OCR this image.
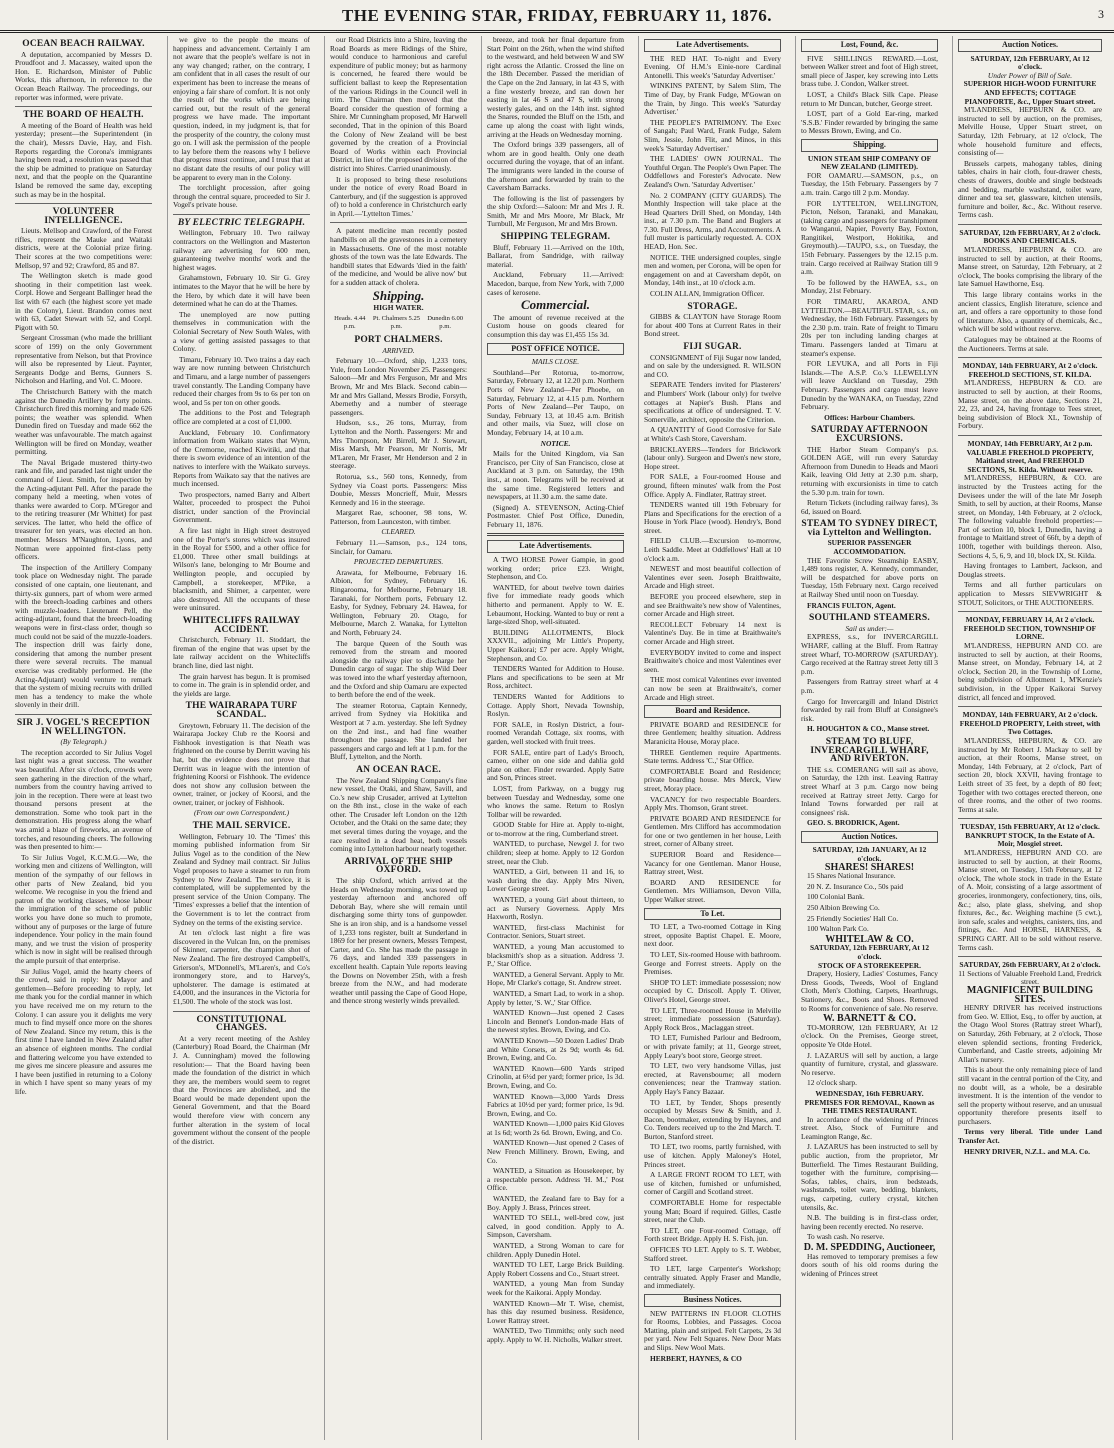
THE EVENING STAR, FRIDAY, FEBRUARY 11, 1876.	3
OCEAN BEACH RAILWAY.

A deputation, accompanied by Messrs D. Proudfoot and J. Macassey, waited upon the Hon. E. Richardson, Minister of Public Works, this afternoon, in reference to the Ocean Beach Railway. The proceedings, our reporter was informed, were private.

THE BOARD OF HEALTH.

A meeting of the Board of Health was held yesterday; present—the Superintendent (in the chair), Messrs Davie, Hay, and Fish. Reports regarding the Corona's immigrants having been read, a resolution was passed that the ship be admitted to pratique on Saturday next, and that the people on the Quarantine Island be removed the same day, excepting such as may be in the hospital.

VOLUNTEER INTELLIGENCE.

Lieuts. Mellsop and Crawford, of the Forest rifles, represent the Mauke and Waitaki districts, were at the Colonial prize firing. Their scores at the two competitions were: Mellsop, 97 and 92; Crawford, 85 and 87.

The Wellington sketch is made good shooting in their competition last week. Corpl. Howe and Sergeant Ballinger head the list with 67 each (the highest score yet made in the Colony), Lieut. Brandon comes next with 63, Cadet Stewart with 52, and Corpl. Pigott with 50.

Sergeant Crossman (who made the brilliant score of 199) on the only Government representative from Nelson, but that Province will also be represented by Lieut. Paynter, Sergeants Dodge and Berns, Gunners S. Nicholson and Harling, and Vol. C. Moore.

The Christchurch Battery with the match against the Dunedin Artillery by forty points. Christchurch fired this morning and made 626 points; the weather was splendid. When Dunedin fired on Tuesday and made 662 the weather was unfavourable. The match against Wellington will be fired on Monday, weather permitting.

The Naval Brigade mustered thirty-two rank and file, and paraded last night under the command of Lieut. Smith, for inspection by the Acting-adjutant Pell. After the parade the company held a meeting, when votes of thanks were awarded to Corp. M'Gregor and to the retiring treasurer (Mr Whittet) for past services. The latter, who held the office of treasurer for ten years, was elected an hon. member. Messrs M'Naughton, Lyons, and Notman were appointed first-class petty officers.

The inspection of the Artillery Company took place on Wednesday night. The parade consisted of one captain, one lieutenant, and thirty-six gunners, part of whom were armed with the breech-loading carbines and others with muzzle-loaders. Lieutenant Pell, the acting-adjutant, found that the breech-loading weapons were in first-class order, though so much could not be said of the muzzle-loaders. The inspection drill was fairly done, considering that among the number present there were several recruits. The manual exercise was creditably performed. He (the Acting-Adjutant) would venture to remark that the system of mixing recruits with drilled men has a tendency to make the whole slovenly in their drill.

SIR J. VOGEL'S RECEPTION IN WELLINGTON.
(By Telegraph.)

The reception accorded to Sir Julius Vogel last night was a great success. The weather was beautiful. After six o'clock, crowds were seen gathering in the direction of the wharf, numbers from the country having arrived to join in the reception. There were at least two thousand persons present at the demonstration. Some who took part in the demonstration. His progress along the wharf was amid a blaze of fireworks, an avenue of torches, and resounding cheers. The following was then presented to him:—

To Sir Julius Vogel, K.C.M.G.—We, the working men and citizens of Wellington, will mention of the sympathy of our fellows in other parts of New Zealand, bid you welcome. We recognise in you the friend and patron of the working classes, whose labour the immigration of the scheme of public works you have done so much to promote, without any of purposes or the large of future independence. Your policy in the main found many, and we trust the vision of prosperity which is now in sight will be realised through the ample pursuit of that enterprise.

Sir Julius Vogel, amid the hearty cheers of the crowd, said in reply: Mr Mayor and gentlemen—Before proceeding to reply, let me thank you for the cordial manner in which you have received me on my return to the Colony. I can assure you it delights me very much to find myself once more on the shores of New Zealand. Since my return, this is the first time I have landed in New Zealand after an absence of eighteen months. The cordial and flattering welcome you have extended to me gives me sincere pleasure and assures me I have been justified in returning to a Colony in which I have spent so many years of my life.

we give to the people the means of happiness and advancement. Certainly I am not aware that the people's welfare is not in any way changed; rather, on the contrary, I am confident that in all cases the result of our experiment has been to increase the means of enjoying a fair share of comfort. It is not only the result of the works which are being carried out, but the result of the general progress we have made. The important question, indeed, in my judgment is, that for the prosperity of the country, the colony must go on. I will ask the permission of the people to lay before them the reasons why I believe that progress must continue, and I trust that at no distant date the results of our policy will be apparent to every man in the Colony.

The torchlight procession, after going through the central square, proceeded to Sir J. Vogel's private house.

BY ELECTRIC TELEGRAPH.

Wellington, February 10. Two railway contractors on the Wellington and Masterton railway are advertising for 600 men, guaranteeing twelve months' work and the highest wages.

Grahamstown, February 10. Sir G. Grey intimates to the Mayor that he will be here by the Hero, by which date it will have been determined what he can do at the Thames.

The unemployed are now putting themselves in communication with the Colonial Secretary of New South Wales, with a view of getting assisted passages to that Colony.

Timaru, February 10. Two trains a day each way are now running between Christchurch and Timaru, and a large number of passengers travel constantly. The Landing Company have reduced their charges from 9s to 6s per ton on wool, and 5s per ton on other goods.

The additions to the Post and Telegraph office are completed at a cost of £1,000.

Auckland, February 10. Confirmatory information from Waikato states that Wynn, of the Cremorne, reached Kiwitiki, and that there is sworn evidence of an intention of the natives to interfere with the Waikato surveys. Reports from Waikato say that the natives are much incensed.

Two prospectors, named Barry and Albert Walter, proceeded to prospect the Puhoi district, under sanction of the Provincial Government.

A fire last night in High street destroyed one of the Porter's stores which was insured in the Royal for £500, and a other office for £1,000. Three other small buildings at Wilson's lane, belonging to Mr Bourne and Wellington people, and occupied by Campbell, a storekeeper, M'Pike, a blacksmith, and Shimer, a carpenter, were also destroyed. All the occupants of these were uninsured.

WHITECLIFFS RAILWAY ACCIDENT.

Christchurch, February 11. Stoddart, the fireman of the engine that was upset by the late railway accident on the Whitecliffs branch line, died last night.

The grain harvest has begun. It is promised to come in. The grain is in splendid order, and the yields are large.

THE WAIRARAPA TURF SCANDAL.

Greytown, February 11. The decision of the Wairarapa Jockey Club re the Koorsi and Fishhook investigation is that Neath was frightened on the course by Derritt waving his hat, but the evidence does not prove that Derritt was in league with the intention of frightening Koorsi or Fishhook. The evidence does not show any collusion between the owner, trainer, or jockey of Koorsi, and the owner, trainer, or jockey of Fishhook.

(From our own Correspondent.)
THE MAIL SERVICE.

Wellington, February 10. The 'Times' this morning published information from Sir Julius Vogel as to the condition of the New Zealand and Sydney mail contract. Sir Julius Vogel proposes to have a steamer to run from Sydney to New Zealand. The service, it is contemplated, will be supplemented by the present service of the Union Company. The 'Times' expresses a belief that the intention of the Government is to let the contract from Sydney on the terms of the existing service.

At ten o'clock last night a fire was discovered in the Vulcan Inn, on the premises of Skinner, carpenter, the champion shot of New Zealand. The fire destroyed Campbell's, Grierson's, M'Donnell's, M'Laren's, and Co's ironmongery store, and to Harvey's, upholsterer. The damage is estimated at £4,000, and the insurances in the Victoria for £1,500. The whole of the stock was lost.

CONSTITUTIONAL CHANGES.

At a very recent meeting of the Ashley (Canterbury) Road Board, the Chairman (Mr J. A. Cunningham) moved the following resolution:— That the Board having been made the foundation of the district in which they are, the members would seem to regret that the Provinces are abolished, and the Board would be made dependent upon the General Government, and that the Board would therefore view with concern any further alteration in the system of local government without the consent of the people of the district.

our Road Districts into a Shire, leaving the Road Boards as mere Ridings of the Shire, would conduce to harmonious and careful expenditure of public money; but as harmony is concerned, he feared there would be sufficient ballast to keep the Representation of the various Ridings in the Council well in trim. The Chairman then moved that the Board consider the question of forming a Shire. Mr Cunningham proposed, Mr Harwell seconded, That in the opinion of this Board the Colony of New Zealand will be best governed by the creation of a Provincial Board of Works within each Provincial District, in lieu of the proposed division of the district into Shires. Carried unanimously.

It is proposed to bring these resolutions under the notice of every Road Board in Canterbury, and (if the suggestion is approved of) to hold a conference in Christchurch early in April.—'Lyttelton Times.'

A patent medicine man recently posted handbills on all the gravestones in a cemetery in Massachusetts. One of the most notable ghosts of the town was the late Edwards. The handbill states that Edwards 'died in the faith' of the medicine, and 'would be alive now' but for a sudden attack of cholera.

Shipping.
HIGH WATER.
Heads. 4.44 p.m.
Pt. Chalmers 5.25 p.m.
Dunedin 6.00 p.m.
PORT CHALMERS.
ARRIVED.

February 10.—Oxford, ship, 1,233 tons, Yule, from London November 25. Passengers: Saloon—Mr and Mrs Ferguson, Mr and Mrs Brown, Mr and Mrs Black. Second cabin—Mr and Mrs Galland, Messrs Brodie, Forsyth, Abernethy and a number of steerage passengers.

Hudson, s.s., 26 tons, Murray, from Lyttelton and the North. Passengers: Mr and Mrs Thompson, Mr Birrell, Mr J. Stewart, Miss Marsh, Mr Pearson, Mr Norris, Mr M'Laren, Mr Fraser, Mr Henderson and 2 in steerage.

Rotorua, s.s., 560 tons, Kennedy, from Sydney via Coast ports. Passengers: Miss Doubie, Messrs Moncrieff, Muir, Messrs Kennedy and 16 in the steerage.

Margaret Rae, schooner, 98 tons, W. Patterson, from Launceston, with timber.

CLEARED.

February 11.—Samson, p.s., 124 tons, Sinclair, for Oamaru.

PROJECTED DEPARTURES.

Arawata, for Melbourne, February 16. Albion, for Sydney, February 16. Ringarooma, for Melbourne, February 18. Taranaki, for Northern ports, February 12. Easby, for Sydney, February 24. Hawea, for Wellington, February 20. Otago, for Melbourne, March 2. Wanaka, for Lyttelton and North, February 24.

The barque Queen of the South was removed from the stream and moored alongside the railway pier to discharge her Dunedin cargo of sugar. The ship Wild Deer was towed into the wharf yesterday afternoon, and the Oxford and ship Oamaru are expected to berth before the end of the week.

The steamer Rotorua, Captain Kennedy, arrived from Sydney via Hokitika and Westport at 7 a.m. yesterday. She left Sydney on the 2nd inst., and had fine weather throughout the passage. She landed her passengers and cargo and left at 1 p.m. for the Bluff, Lyttelton, and the North.

AN OCEAN RACE.

The New Zealand Shipping Company's fine new vessel, the Otaki, and Shaw, Savill, and Co.'s new ship Crusader, arrived at Lyttelton on the 8th inst., close in the wake of each other. The Crusader left London on the 12th October, and the Otaki on the same date; they met several times during the voyage, and the race resulted in a dead heat, both vessels coming into Lyttelton harbour nearly together.

ARRIVAL OF THE SHIP OXFORD.

The ship Oxford, which arrived at the Heads on Wednesday morning, was towed up yesterday afternoon and anchored off Deborah Bay, where she will remain until discharging some thirty tons of gunpowder. She is an iron ship, and is a handsome vessel of 1,233 tons register, built at Sunderland in 1869 for her present owners, Messrs Tempest, Carter, and Co. She has made the passage in 76 days, and landed 339 passengers in excellent health. Captain Yule reports leaving the Downs on November 25th, with a fresh breeze from the N.W., and had moderate weather until passing the Cape of Good Hope, and thence strong westerly winds prevailed.

breeze, and took her final departure from Start Point on the 26th, when the wind shifted to the westward, and held between W and SW right across the Atlantic. Crossed the line on the 18th December. Passed the meridian of the Cape on the 2nd January, in lat 43 S, with a fine westerly breeze, and ran down her easting in lat 46 S and 47 S, with strong westerly gales, and on the 14th inst. sighted the Snares, rounded the Bluff on the 15th, and came up along the coast with light winds, arriving at the Heads on Wednesday morning.

The Oxford brings 339 passengers, all of whom are in good health. Only one death occurred during the voyage, that of an infant. The immigrants were landed in the course of the afternoon and forwarded by train to the Caversham Barracks.

The following is the list of passengers by the ship Oxford:—Saloon: Mr and Mrs J. R. Smith, Mr and Mrs Moore, Mr Black, Mr Turnbull, Mr Ferguson, Mr and Mrs Brown.

SHIPPING TELEGRAM.

Bluff, February 11.—Arrived on the 10th, Ballarat, from Sandridge, with railway material.

Auckland, February 11.—Arrived: Macedon, barque, from New York, with 7,000 cases of kerosene.

Commercial.

The amount of revenue received at the Custom house on goods cleared for consumption this day was £1,455 15s 3d.

POST OFFICE NOTICE.
MAILS CLOSE.

Southland—Per Rotorua, to-morrow, Saturday, February 12, at 12.20 p.m. Northern Ports of New Zealand—Per Phoebe, on Saturday, February 12, at 4.15 p.m. Northern Ports of New Zealand—Per Taupo, on Sunday, February 13, at 10.45 a.m. British and other mails, via Suez, will close on Monday, February 14, at 10 a.m.

NOTICE.

Mails for the United Kingdom, via San Francisco, per City of San Francisco, close at Auckland at 3 p.m. on Saturday, the 19th inst., at noon. Telegrams will be received at the same time. Registered letters and newspapers, at 11.30 a.m. the same date.

(Signed) A. STEVENSON, Acting-Chief Postmaster. Chief Post Office, Dunedin, February 11, 1876.

Late Advertisements.

A TWO HORSE Power Gampie, in good working order; price £23. Wright, Stephenson, and Co.

WANTED, for about twelve town dairies five for immediate ready goods which hitherto and permanent. Apply to W. E. Lebaumont, Hocking. Wanted to buy or rent a large-sized Shop, well-situated.

BUILDING ALLOTMENTS, Block XXXVII., adjoining Mr Little's Property, Upper Kaikorai; £7 per acre. Apply Wright, Stephenson, and Co.

TENDERS Wanted for Addition to House. Plans and specifications to be seen at Mr Ross, architect.

TENDERS Wanted for Additions to Cottage. Apply Short, Nevada Township, Roslyn.

FOR SALE, in Roslyn District, a four-roomed Verandah Cottage, six rooms, with garden, well stocked with fruit trees.

FOR SALE, entire part of Lady's Brooch, cameo, either on one side and dahlia gold plate on other. Finder rewarded. Apply Satre and Son, Princes street.

LOST, from Parkway, on a buggy rug between Tuesday and Wednesday, some one who knows the same. Return to Roslyn Tollbar will be rewarded.

GOOD Stable for Hire at. Apply to-night, or to-morrow at the ring, Cumberland street.

WANTED, to purchase, Newgel J. for two children; sleep at home. Apply to 12 Gordon street, near the Club.

WANTED, a Girl, between 11 and 16, to wash during the day. Apply Mrs Niven, Lower George street.

WANTED, a young Girl about thirteen, to act as Nursery Governess. Apply Mrs Haxworth, Roslyn.

WANTED, first-class Machinist for Contractor. Seniors, Stuart street.

WANTED, a young Man accustomed to blacksmith's shop as a situation. Address 'J. P.,' Star Office.

WANTED, a General Servant. Apply to Mr. Hope, Mr Clarke's cottage, St. Andrew street.

WANTED, a Smart Lad, to work in a shop. Apply by letter, 'S. W.,' Star Office.

WANTED Known—Just opened 2 Cases Lincoln and Bennet's London-made Hats of the newest styles. Brown, Ewing, and Co.

WANTED Known—50 Dozen Ladies' Drab and White Corsets, at 2s 9d; worth 4s 6d. Brown, Ewing, and Co.

WANTED Known—600 Yards striped Crinolin, at 6½d per yard; former price, 1s 3d. Brown, Ewing, and Co.

WANTED Known—3,000 Yards Dress Fabrics at 10½d per yard; former price, 1s 9d. Brown, Ewing, and Co.

WANTED Known—1,000 pairs Kid Gloves at 1s 6d; worth 2s 6d. Brown, Ewing, and Co.

WANTED Known—Just opened 2 Cases of New French Millinery. Brown, Ewing, and Co.

WANTED, a Situation as Housekeeper, by a respectable person. Address 'H. M.,' Post Office.

WANTED, the Zealand fare to Bay for a Boy. Apply J. Brass, Princes street.

WANTED TO SELL, well-bred cow, just calved, in good condition. Apply to A. Simpson, Caversham.

WANTED, a Strong Woman to care for children. Apply Dunedin Hotel.

WANTED TO LET, Large Brick Building. Apply Robert Cossens and Co., Stuart street.

WANTED, a young Man from Sunday week for the Kaikorai. Apply Monday.

WANTED Known—Mr T. Wise, chemist, has this day resumed business. Residence, Lower Rattray street.

WANTED, Two Timmiths; only such need apply. Apply to W. H. Nicholls, Walker street.

Late Advertisements.

THE RED HAT. To-night and Every Evening. Of H.M.'s Einie-nore Cardinal Antonelli. This week's 'Saturday Advertiser.'

WINKINS PATENT, by Salem Slim, The Time of Day, by Frank Fudge, M'Gowan on the Train, by Jingo. This week's 'Saturday Advertiser.'

THE PEOPLE'S PATRIMONY. The Exec of Sangah; Paul Ward, Frank Fudge, Salem Slim, Jessie, John Flit, and Minos, in this week's 'Saturday Advertiser.'

THE LADIES' OWN JOURNAL. The Youthful Organ. The People's Own Paper. The Oddfellows and Forester's Advocate. New Zealand's Own. 'Saturday Advertiser.'

No. 2 COMPANY (CITY GUARDS). The Monthly Inspection will take place at the Head Quarters Drill Shed, on Monday, 14th inst., at 7.30 p.m. The Band and Buglers at 7.30. Full Dress, Arms, and Accoutrements. A full muster is particularly requested. A. COX HEAD, Hon. Sec.

NOTICE. THE undersigned couples, single men and women, per Corona, will be open for engagement on and at Caversham depôt, on Monday, 14th inst., at 10 o'clock a.m.

COLIN ALLAN, Immigration Officer.

STORAGE.

GIBBS & CLAYTON have Storage Room for about 400 Tons at Current Rates in their Bond street.

FIJI SUGAR.

CONSIGNMENT of Fiji Sugar now landed, and on sale by the undersigned. R. WILSON and CO.

SEPARATE Tenders invited for Plasterers' and Plumbers' Work (labour only) for twelve cottages at Napier's Bush. Plans and specifications at office of undersigned. T. V. Somerville, architect, opposite the Criterion.

A QUANTITY of Good Corrosive for Sale at White's Cash Store, Caversham.

BRICKLAYERS—Tenders for Brickwork (labour only). Surgeon and Dwen's new store, Hope street.

FOR SALE, a Four-roomed House and ground, fifteen minutes' walk from the Post Office. Apply A. Findlater, Rattray street.

TENDERS wanted till 19th February for Plans and Specifications for the erection of a House in York Place (wood). Hendry's, Bond street.

FIELD CLUB.—Excursion to-morrow, Leith Saddle. Meet at Oddfellows' Hall at 10 o'clock a.m.

NEWEST and most beautiful collection of Valentines ever seen. Joseph Braithwaite, Arcade and High street.

BEFORE you proceed elsewhere, step in and see Braithwaite's new show of Valentines, corner Arcade and High street.

RECOLLECT February 14 next is Valentine's Day. Be in time at Braithwaite's corner Arcade and High street.

EVERYBODY invited to come and inspect Braithwaite's choice and most Valentines ever seen.

THE most comical Valentines ever invented can now be seen at Braithwaite's, corner Arcade and High street.

Board and Residence.

PRIVATE BOARD and RESIDENCE for three Gentlemen; healthy situation. Address Maranicita House, Moray place.

THREE Gentlemen require Apartments. State terms. Address 'C.,' Star Office.

COMFORTABLE Board and Residence; private boarding house. Mrs Merck, View street, Moray place.

VACANCY for two respectable Boarders. Apply Mrs. Thomson, Grant street.

PRIVATE BOARD AND RESIDENCE for Gentlemen. Mrs Clifford has accommodation for one or two gentlemen in her house, Leith street, corner of Albany street.

SUPERIOR Board and Residence—Vacancy for one Gentleman. Manor House, Rattray street, West.

BOARD AND RESIDENCE for Gentlemen. Mrs Williamson, Devon Villa, Upper Walker street.

To Let.

TO LET, a Two-roomed Cottage in King street, opposite Baptist Chapel. E. Moore, next door.

TO LET, Six-roomed House with bathroom. George and Forrest streets. Apply on the Premises.

SHOP TO LET: immediate possession; now occupied by C. Driscoll. Apply T. Oliver, Oliver's Hotel, George street.

TO LET, Three-roomed House in Melville street; immediate possession (Saturday). Apply Rock Bros., Maclaggan street.

TO LET, Furnished Parlour and Bedroom, or with private family; at 11, George street, Apply Leary's boot store, George street.

TO LET, two very handsome Villas, just erected, at Ravensbourne; all modern conveniences; near the Tramway station. Apply Hay's Fancy Bazaar.

TO LET, by Tender, Shops presently occupied by Messrs Sew & Smith, and J. Bacon, bootmaker, extending by Haynes, and Co. Tenders received up to the 2nd March. T. Burton, Stanford street.

TO LET, two rooms, partly furnished, with use of kitchen. Apply Maloney's Hotel, Princes street.

A LARGE FRONT ROOM TO LET, with use of kitchen, furnished or unfurnished, corner of Cargill and Scotland street.

COMFORTABLE Home for respectable young Man; Board if required. Gilles, Castle street, near the Club.

TO LET, one Four-roomed Cottage, off Forth street Bridge. Apply H. S. Fish, jun.

OFFICES TO LET. Apply to S. T. Webber, Stafford street.

TO LET, large Carpenter's Workshop; centrally situated. Apply Fraser and Mandle, and immediately.

Business Notices.

NEW PATTERNS IN FLOOR CLOTHS for Rooms, Lobbies, and Passages. Cocoa Matting, plain and striped. Felt Carpets, 2s 3d per yard. New Felt Squares. New Door Mats and Slips. New Wool Mats.

HERBERT, HAYNES, & CO

Lost, Found, &c.

FIVE SHILLINGS REWARD.—Lost, between Walker street and foot of High street, small piece of Jasper, key screwing into Letts brass tube. J. Condon, Walker street.

LOST, a Child's Black Silk Cape. Please return to Mr Duncan, butcher, George street.

LOST, part of a Gold Ear-ring, marked 'S.S.B.' Finder rewarded by bringing the same to Messrs Brown, Ewing, and Co.

Shipping.
UNION STEAM SHIP COMPANY OF NEW ZEALAND (LIMITED).

FOR OAMARU.—SAMSON, p.s., on Tuesday, the 15th February. Passengers by 7 a.m. train. Cargo till 2 p.m. Monday.

FOR LYTTELTON, WELLINGTON, Picton, Nelson, Taranaki, and Manakau, (taking cargo and passengers for transhipment to Wanganui, Napier, Poverty Bay, Foxton, Rangitikei, Westport, Hokitika, and Greymouth).—TAUPO, s.s., on Tuesday, the 15th February. Passengers by the 12.15 p.m. train. Cargo received at Railway Station till 9 a.m.

To be followed by the HAWEA, s.s., on Monday, 21st February.

FOR TIMARU, AKAROA, AND LYTTELTON.—BEAUTIFUL STAR, s.s., on Wednesday, the 16th February. Passengers by the 2.30 p.m. train. Rate of freight to Timaru 20s per ton including landing charges at Timaru. Passengers landed at Timaru at steamer's expense.

FOR LEVUKA, and all Ports in Fiji Islands.—The A.S.P. Co.'s LLEWELLYN will leave Auckland on Tuesday, 29th February. Passengers and cargo must leave Dunedin by the WANAKA, on Tuesday, 22nd February.

Offices: Harbour Chambers.
SATURDAY AFTERNOON EXCURSIONS.

THE Harbor Steam Company's p.s. GOLDEN AGE, will run every Saturday Afternoon from Dunedin to Heads and Maori Kaik, leaving Old Jetty at 2.30 p.m. sharp, returning with excursionists in time to catch the 5.30 p.m. train for town.

Return Tickets (including railway fares), 3s 6d, issued on Board.

STEAM TO SYDNEY DIRECT, via Lyttelton and Wellington.
SUPERIOR PASSENGER ACCOMMODATION.

THE Favorite Screw Steamship EASBY, 1,489 tons register, A. Kennedy, commander, will be despatched for above ports on Tuesday, 15th February next. Cargo received at Railway Shed until noon on Tuesday.

FRANCIS FULTON, Agent.

SOUTHLAND STEAMERS.
Sail as under:—

EXPRESS, s.s., for INVERCARGILL WHARF, calling at the Bluff. From Rattray street Wharf, TO-MORROW (SATURDAY). Cargo received at the Rattray street Jetty till 3 p.m.

Passengers from Rattray street wharf at 4 p.m.

Cargo for Invercargill and Inland District forwarded by rail from Bluff at Consignee's risk.

H. HOUGHTON & CO., Manse street.

STEAM TO BLUFF, INVERCARGILL WHARF, AND RIVERTON.

THE s.s. COMERANG will sail as above, on Saturday, the 12th inst. Leaving Rattray street Wharf at 3 p.m. Cargo now being received at Rattray street Jetty. Cargo for Inland Towns forwarded per rail at consignees' risk.

GEO. S. BRODRICK, Agent.

Auction Notices.
SATURDAY, 12th JANUARY, At 12 o'clock.
SHARES! SHARES!

15 Shares National Insurance.

20 N. Z. Insurance Co., 50s paid

100 Colonial Bank.

250 Albion Brewing Co.

25 Friendly Societies' Hall Co.

100 Walton Park Co.

WHITELAW & CO.
SATURDAY, 12th FEBRUARY, At 12 o'clock.
STOCK OF A STOREKEEPER.

Drapery, Hosiery, Ladies' Costumes, Fancy Dress Goods, Tweeds, Wool of England Cloth, Men's Clothing, Carpets, Hearthrugs, Stationery, &c., Boots and Shoes. Removed to Rooms for convenience of sale. No reserve.

W. BARNETT & CO.

TO-MORROW, 12th FEBRUARY, At 12 o'clock. On the Premises, George street, opposite Ye Olde Hotel.

J. LAZARUS will sell by auction, a large quantity of furniture, crystal, and glassware. No reserve.

12 o'clock sharp.

WEDNESDAY, 16th FEBRUARY.
PREMISES FOR REMOVAL, Known as THE TIMES RESTAURANT.

In accordance of the widening of Princes street. Also, Stock of Furniture and Leamington Range, &c.

J. LAZARUS has been instructed to sell by public auction, from the proprietor, Mr Butterfield. The Times Restaurant Building, together with the furniture, comprising—Sofas, tables, chairs, iron bedsteads, washstands, toilet ware, bedding, blankets, rugs, carpeting, cutlery crystal, kitchen utensils, &c.

N.B. The building is in first-class order, having been recently erected. No reserve.

To wash cash. No reserve.

D. M. SPEDDING, Auctioneer,

Has removed to temporary premises a few doors south of his old rooms during the widening of Princes street

Auction Notices.
SATURDAY, 12th FEBRUARY, At 12 o'clock.
Under Power of Bill of Sale.
SUPERIOR HIGH-WOOD FURNITURE AND EFFECTS; COTTAGE PIANOFORTE, &c., Upper Stuart street.

M'LANDRESS, HEPBURN & CO. are instructed to sell by auction, on the premises, Melville House, Upper Stuart street, on Saturday, 12th February, at 12 o'clock, The whole household furniture and effects, consisting of—

Brussels carpets, mahogany tables, dining tables, chairs in hair cloth, four-drawer chests, chests of drawers, double and single bedsteads and bedding, marble washstand, toilet ware, dinner and tea set, glassware, kitchen utensils, furniture and boiler, &c., &c. Without reserve. Terms cash.

SATURDAY, 12th FEBRUARY, At 2 o'clock.
BOOKS AND CHEMICALS.

M'LANDRESS, HEPBURN & CO. are instructed to sell by auction, at their Rooms, Manse street, on Saturday, 12th February, at 2 o'clock, The books comprising the library of the late Samuel Hawthorne, Esq.

This large library contains works in the ancient classics, English literature, science and art, and offers a rare opportunity to those fond of literature. Also, a quantity of chemicals, &c., which will be sold without reserve.

Catalogues may be obtained at the Rooms of the Auctioneers. Terms at sale.

MONDAY, 14th FEBRUARY, At 2 o'clock.
FREEHOLD SECTIONS, ST. KILDA.

M'LANDRESS, HEPBURN & CO. are instructed to sell by auction, at their Rooms, Manse street, on the above date, Sections 21, 22, 23, and 24, having frontage to Tees street, being subdivision of Block XL, Township of Forbury.

MONDAY, 14th FEBRUARY, At 2 p.m.
VALUABLE FREEHOLD PROPERTY, Maitland street, And FREEHOLD SECTIONS, St. Kilda. Without reserve.

M'LANDRESS, HEPBURN, & CO. are instructed by the Trustees acting for the Devisees under the will of the late Mr Joseph Smith, to sell by auction, at their Rooms, Manse street, on Monday, 14th February, at 2 o'clock, The following valuable freehold properties:— Part of section 10, block I, Dunedin, having a frontage to Maitland street of 66ft, by a depth of 100ft, together with buildings thereon. Also, Sections 4, 5, 6, 9, and 10, block IX, St. Kilda.

Having frontages to Lambert, Jackson, and Douglas streets.

Terms and all further particulars on application to Messrs SIEVWRIGHT & STOUT, Solicitors, or THE AUCTIONEERS.

MONDAY, FEBRUARY 14, At 2 o'clock.
FREEHOLD SECTION, TOWNSHIP OF LORNE.

M'LANDRESS, HEPBURN AND CO. are instructed to sell by auction, at their Rooms, Manse street, on Monday, February 14, at 2 o'clock, Section 20, in the Township of Lorne, being subdivision of Allotment 1, M'Kenzie's subdivision, in the Upper Kaikorai Survey district, all fenced and improved.

MONDAY, 14th FEBRUARY, At 2 o'clock.
FREEHOLD PROPERTY, Leith street, with Two Cottages.

M'LANDRESS, HEPBURN, & CO. are instructed by Mr Robert J. Mackay to sell by auction, at their Rooms, Manse street, on Monday, 14th February, at 2 o'clock, Part of section 20, block XXVII, having frontage to Leith street of 35 feet, by a depth of 80 feet; Together with two cottages erected thereon, one of three rooms, and the other of two rooms. Terms at sale.

TUESDAY, 15th FEBRUARY, At 12 o'clock.
BANKRUPT STOCK, In the Estate of A. Moir, Mosgiel street.

M'LANDRESS, HEPBURN AND CO. are instructed to sell by auction, at their Rooms, Manse street, on Tuesday, 15th February, at 12 o'clock, The whole stock in trade in the Estate of A. Moir, consisting of a large assortment of groceries, ironmongery, confectionery, tins, oils, &c.; also, plate glass, shelving, and shop fixtures, &c., &c. Weighing machine (5 cwt.), iron safe, scales and weights, canisters, tins, and fittings, &c. And HORSE, HARNESS, & SPRING CART. All to be sold without reserve. Terms cash.

SATURDAY, 26th FEBRUARY, At 2 o'clock.
11 Sections of Valuable Freehold Land, Fredrick street.
MAGNIFICENT BUILDING SITES.

HENRY DRIVER has received instructions from Geo. W. Elliot, Esq., to offer by auction, at the Otago Wool Stores (Rattray street Wharf), on Saturday, 26th February, at 2 o'clock, Those eleven splendid sections, fronting Frederick, Cumberland, and Castle streets, adjoining Mr Allan's nursery.

This is about the only remaining piece of land still vacant in the central portion of the City, and no doubt will, as a whole, be a desirable investment. It is the intention of the vendor to sell the property without reserve, and an unusual opportunity therefore presents itself to purchasers.

Terms very liberal. Title under Land Transfer Act.

HENRY DRIVER, N.Z.L. and M.A. Co.
